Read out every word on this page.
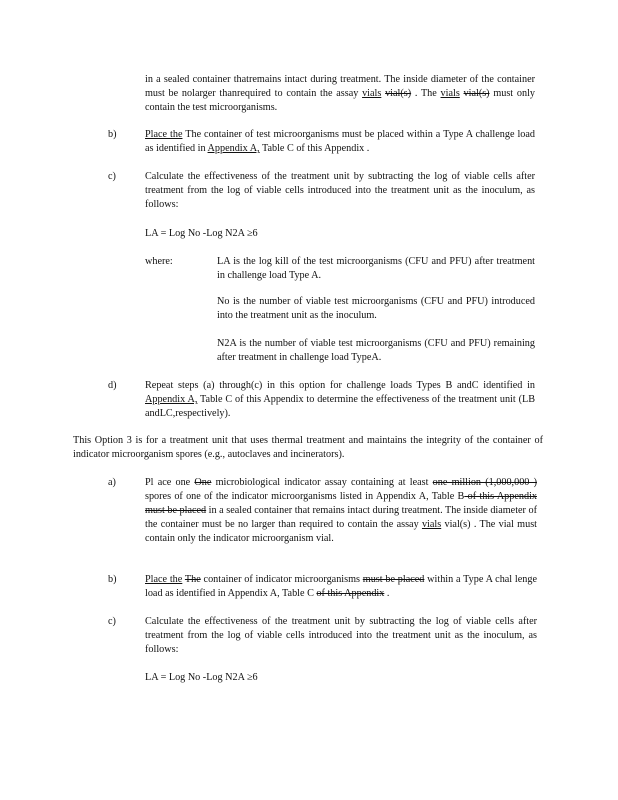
in a sealed container thatremains intact during treatment. The inside diameter of the container must be nolarger thanrequired to contain the assay vials vial(s) . The vials vial(s) must only contain the test microorganisms.
b)	Place the The container of test microorganisms must be placed within a Type A challenge load as identified in Appendix A, Table C of this Appendix .
c)	Calculate the effectiveness of the treatment unit by subtracting the log of viable cells after treatment from the log of viable cells introduced into the treatment unit as the inoculum, as follows:
LA = Log No -Log N2A ≥6
where:	LA is the log kill of the test microorganisms (CFU and PFU) after treatment in challenge load Type A.
No is the number of viable test microorganisms (CFU and PFU) introduced into the treatment unit as the inoculum.
N2A is the number of viable test microorganisms (CFU and PFU) remaining after treatment in challenge load TypeA.
d)	Repeat steps (a) through(c) in this option for challenge loads Types B andC identified in Appendix A, Table C of this Appendix to determine the effectiveness of the treatment unit (LB andLC,respectively).
This Option 3 is for a treatment unit that uses thermal treatment and maintains the integrity of the container of indicator microorganism spores (e.g., autoclaves and incinerators).
a)	Pl ace one One microbiological indicator assay containing at least one million (1,000,000 ) spores of one of the indicator microorganisms listed in Appendix A, Table B of this Appendix must be placed in a sealed container that remains intact during treatment. The inside diameter of the container must be no larger than required to contain the assay vials vial(s) . The vial must contain only the indicator microorganism vial.
b)	Place the The container of indicator microorganisms must be placed within a Type A chal lenge load as identified in Appendix A, Table C of this Appendix .
c)	Calculate the effectiveness of the treatment unit by subtracting the log of viable cells after treatment from the log of viable cells introduced into the treatment unit as the inoculum, as follows:
LA = Log No -Log N2A ≥6
